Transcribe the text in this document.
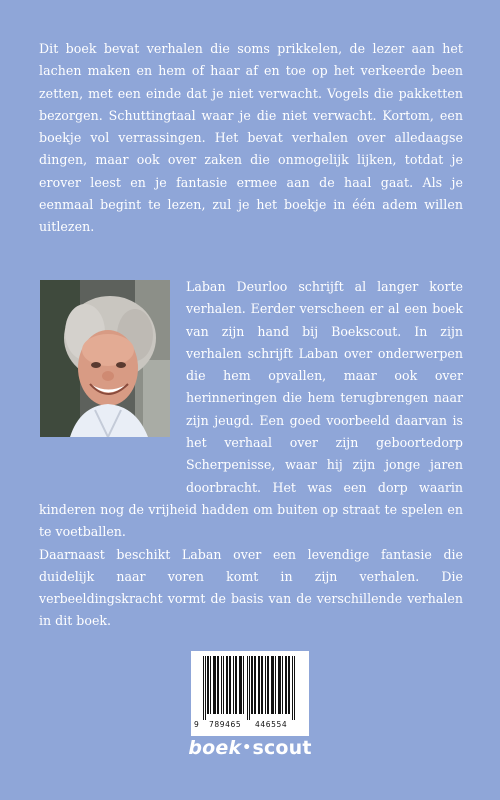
Dit boek bevat verhalen die soms prikkelen, de lezer aan het lachen maken en hem of haar af en toe op het verkeerde been zetten, met een einde dat je niet verwacht. Vogels die pakketten bezorgen. Schuttingtaal waar je die niet verwacht. Kortom, een boekje vol verrassingen. Het bevat verhalen over alledaagse dingen, maar ook over zaken die onmogelijk lijken, totdat je erover leest en je fantasie ermee aan de haal gaat. Als je eenmaal begint te lezen, zul je het boekje in één adem willen uitlezen.

Laban Deurloo schrijft al langer korte verhalen. Eerder verscheen er al een boek van zijn hand bij Boekscout. In zijn verhalen schrijft Laban over onderwerpen die hem opvallen, maar ook over herinneringen die hem terugbrengen naar zijn jeugd. Een goed voorbeeld daarvan is het verhaal over zijn geboortedorp Scherpenisse, waar hij zijn jonge jaren doorbracht. Het was een dorp waarin kinderen nog de vrijheid hadden om buiten op straat te spelen en te voetballen.

Daarnaast beschikt Laban over een levendige fantasie die duidelijk naar voren komt in zijn verhalen. Die verbeeldingskracht vormt de basis van de verschillende verhalen in dit boek.

9 789465 446554
boek•scout
